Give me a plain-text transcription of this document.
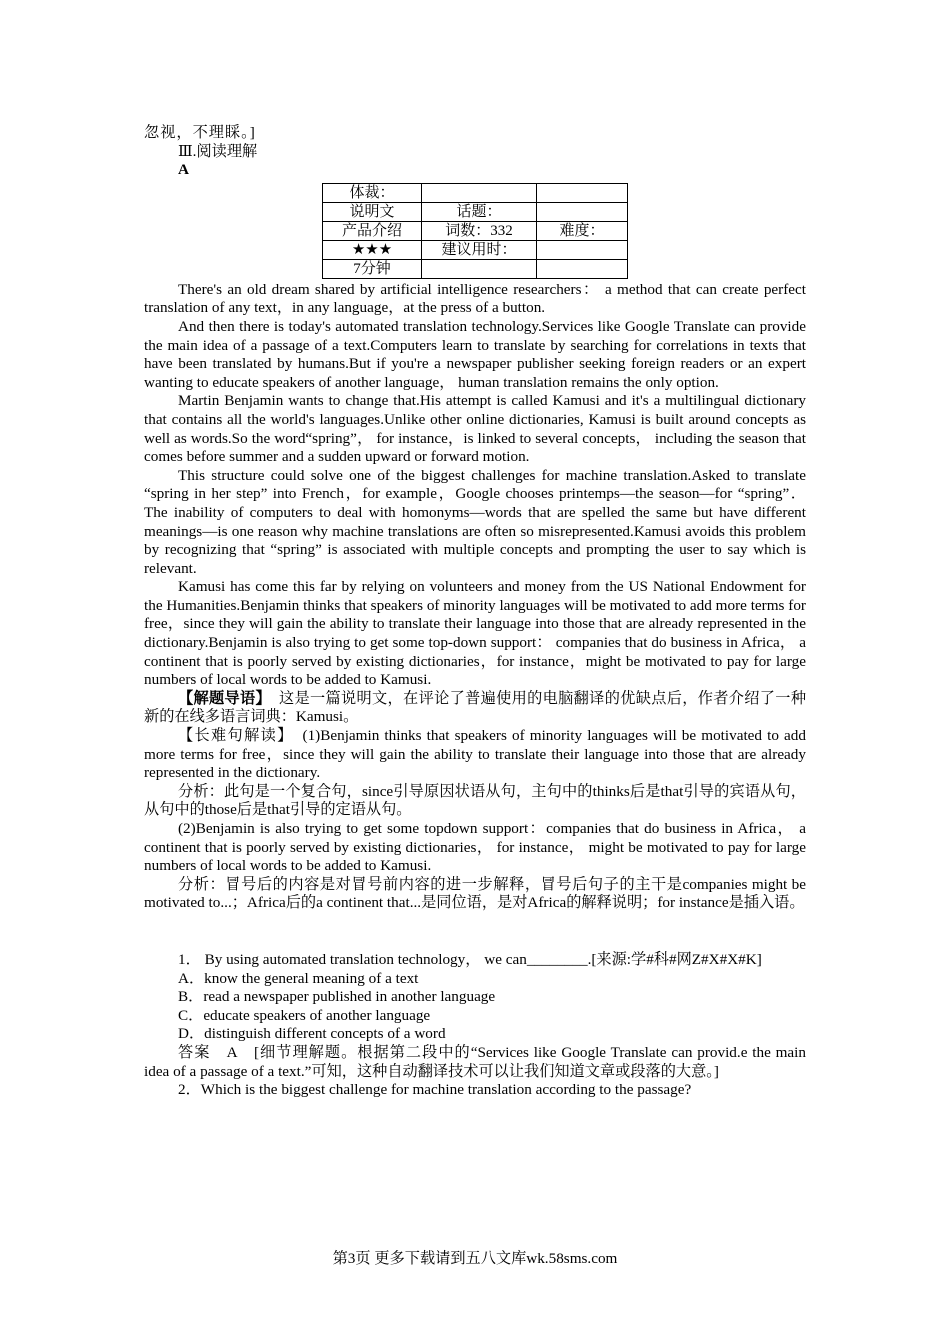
忽视，不理睬。]

Ⅲ.阅读理解

A

体裁：		
说明文	话题：	
产品介绍	词数：332	难度：
★★★	建议用时：	
7分钟		

There's an old dream shared by artificial intelligence researchers： a method that can create perfect translation of any text，in any language，at the press of a button.

And then there is today's automated translation technology.Services like Google Translate can provide the main idea of a passage of a text.Computers learn to translate by searching for correlations in texts that have been translated by humans.But if you're a newspaper publisher seeking foreign readers or an expert wanting to educate speakers of another language， human translation remains the only option.

Martin Benjamin wants to change that.His attempt is called Kamusi and it's a multilingual dictionary that contains all the world's languages.Unlike other online dictionaries, Kamusi is built around concepts as well as words.So the word“spring”， for instance，is linked to several concepts， including the season that comes before summer and a sudden upward or forward motion.

This structure could solve one of the biggest challenges for machine translation.Asked to translate “spring in her step” into French，for example，Google chooses printemps—the season—for “spring”． The inability of computers to deal with homonyms—words that are spelled the same but have different meanings—is one reason why machine translations are often so misrepresented.Kamusi avoids this problem by recognizing that “spring” is associated with multiple concepts and prompting the user to say which is relevant.

Kamusi has come this far by relying on volunteers and money from the US National Endowment for the Humanities.Benjamin thinks that speakers of minority languages will be motivated to add more terms for free，since they will gain the ability to translate their language into those that are already represented in the dictionary.Benjamin is also trying to get some top-down support： companies that do business in Africa， a continent that is poorly served by existing dictionaries，for instance，might be motivated to pay for large numbers of local words to be added to Kamusi.

【解题导语】　这是一篇说明文，在评论了普遍使用的电脑翻译的优缺点后，作者介绍了一种新的在线多语言词典：Kamusi。

【长难句解读】　(1)Benjamin thinks that speakers of minority languages will be motivated to add more terms for free，since they will gain the ability to translate their language into those that are already represented in the dictionary.

分析：此句是一个复合句，since引导原因状语从句，主句中的thinks后是that引导的宾语从句，从句中的those后是that引导的定语从句。

(2)Benjamin is also trying to get some topdown support：companies that do business in Africa， a continent that is poorly served by existing dictionaries， for instance， might be motivated to pay for large numbers of local words to be added to Kamusi.

分析：冒号后的内容是对冒号前内容的进一步解释，冒号后句子的主干是companies might be motivated to...；Africa后的a continent that...是同位语，是对Africa的解释说明；for instance是插入语。

1． By using automated translation technology， we can________.[来源:学#科#网Z#X#X#K]

A．know the general meaning of a text

B．read a newspaper published in another language

C．educate speakers of another language

D．distinguish different concepts of a word

答案　A　[细节理解题。根据第二段中的“Services like Google Translate can provid.e the main idea of a passage of a text.”可知，这种自动翻译技术可以让我们知道文章或段落的大意。]

2．Which is the biggest challenge for machine translation according to the passage?

第3页 更多下载请到五八文库wk.58sms.com
